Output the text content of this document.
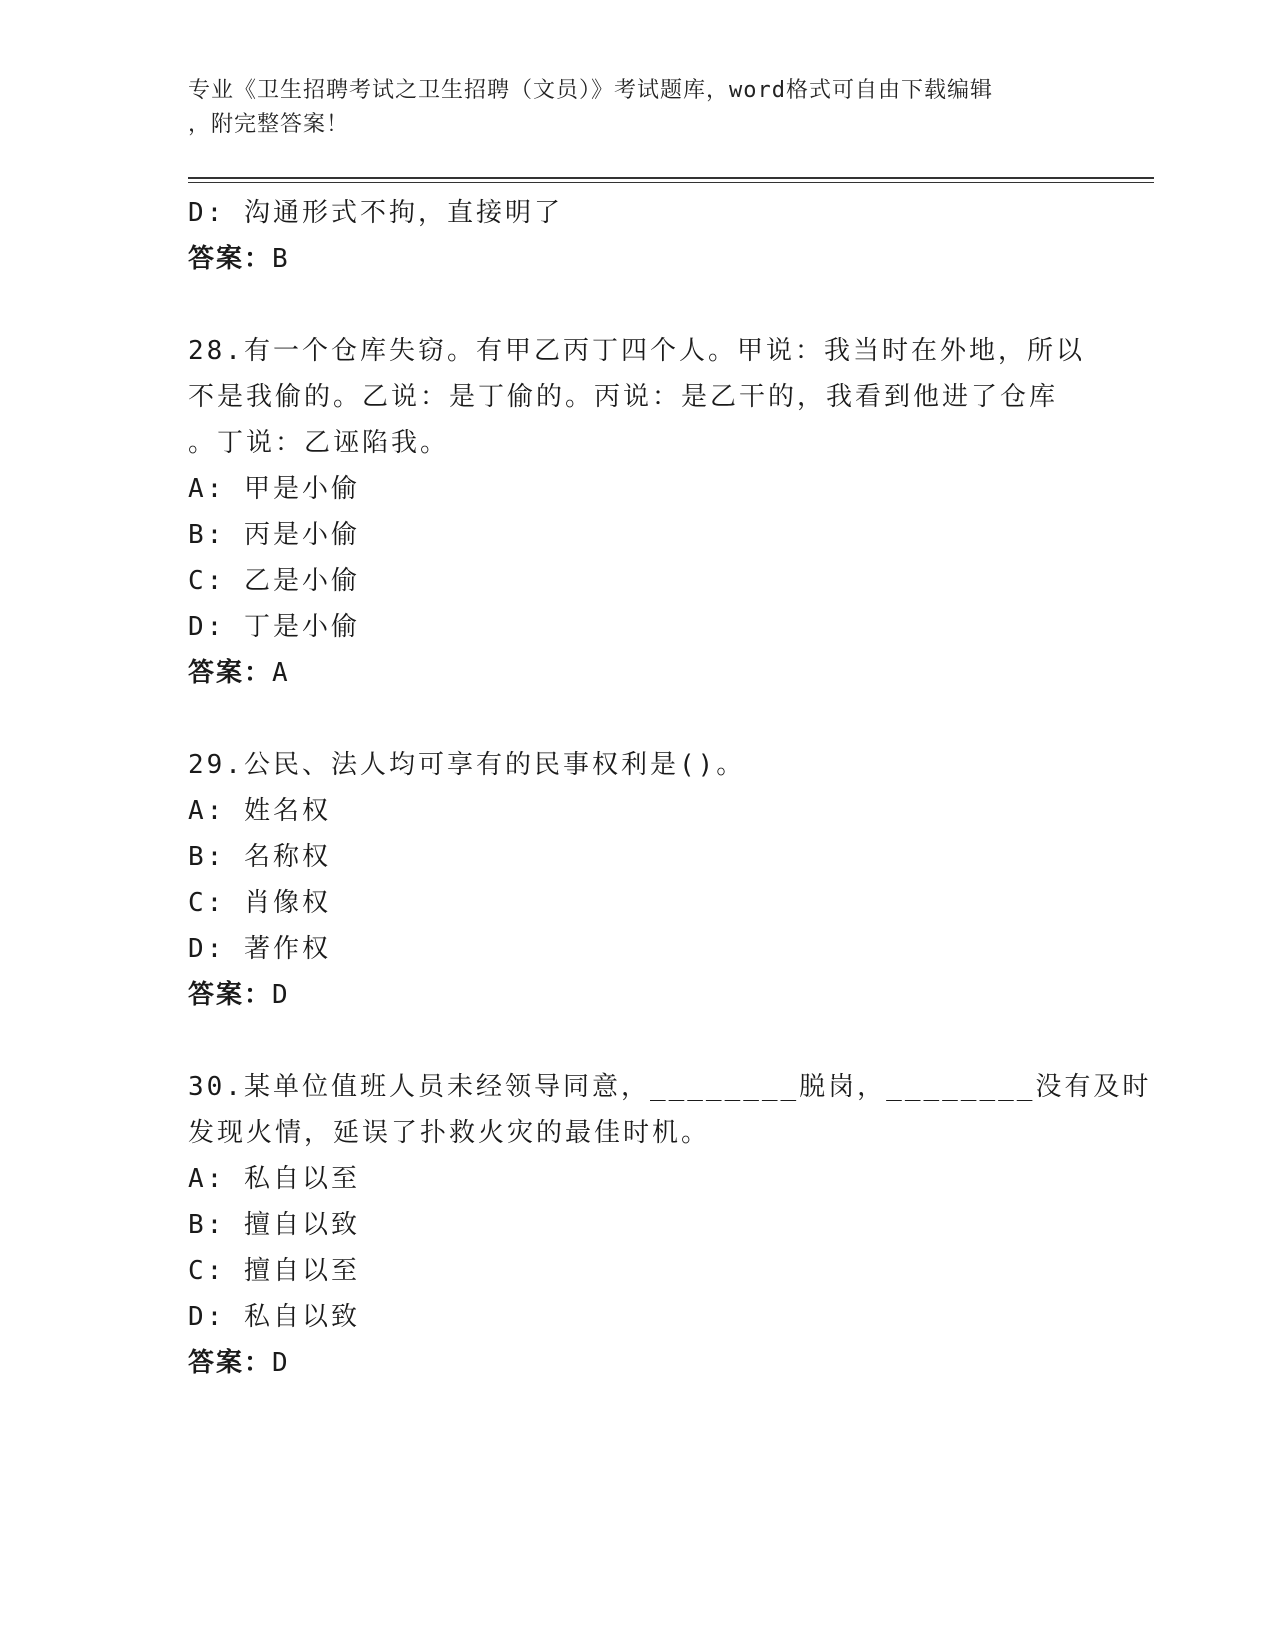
专业《卫生招聘考试之卫生招聘（文员）》考试题库，word格式可自由下载编辑
，附完整答案！
D: 沟通形式不拘，直接明了
答案：B
28.有一个仓库失窃。有甲乙丙丁四个人。甲说：我当时在外地，所以
不是我偷的。乙说：是丁偷的。丙说：是乙干的，我看到他进了仓库
。丁说：乙诬陷我。
A: 甲是小偷
B: 丙是小偷
C: 乙是小偷
D: 丁是小偷
答案：A
29.公民、法人均可享有的民事权利是()。
A: 姓名权
B: 名称权
C: 肖像权
D: 著作权
答案：D
30.某单位值班人员未经领导同意，________脱岗，________没有及时
发现火情，延误了扑救火灾的最佳时机。
A: 私自以至
B: 擅自以致
C: 擅自以至
D: 私自以致
答案：D
